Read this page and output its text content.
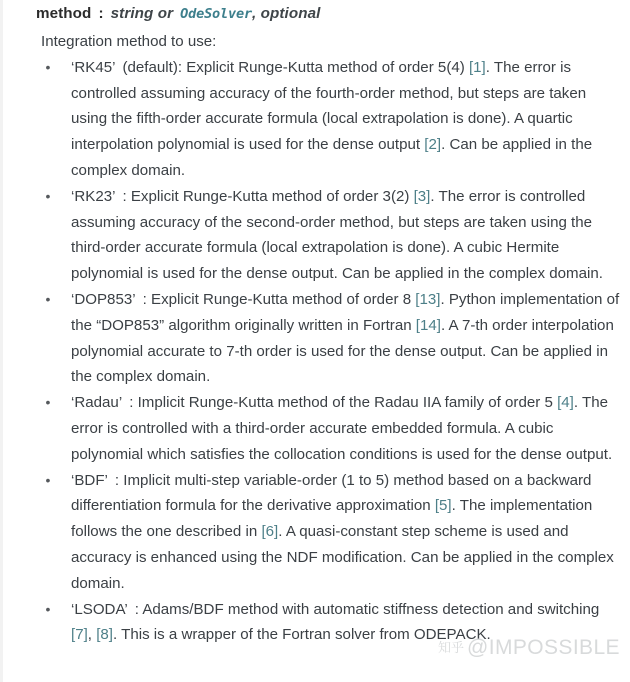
method : string or OdeSolver, optional

Integration method to use:

•	‘RK45’ (default): Explicit Runge-Kutta method of order 5(4) [1]. The error is controlled assuming accuracy of the fourth-order method, but steps are taken using the fifth-order accurate formula (local extrapolation is done). A quartic interpolation polynomial is used for the dense output [2]. Can be applied in the complex domain.
•	‘RK23’ : Explicit Runge-Kutta method of order 3(2) [3]. The error is controlled assuming accuracy of the second-order method, but steps are taken using the third-order accurate formula (local extrapolation is done). A cubic Hermite polynomial is used for the dense output. Can be applied in the complex domain.
•	‘DOP853’ : Explicit Runge-Kutta method of order 8 [13]. Python implementation of the “DOP853” algorithm originally written in Fortran [14]. A 7-th order interpolation polynomial accurate to 7-th order is used for the dense output. Can be applied in the complex domain.
•	‘Radau’ : Implicit Runge-Kutta method of the Radau IIA family of order 5 [4]. The error is controlled with a third-order accurate embedded formula. A cubic polynomial which satisfies the collocation conditions is used for the dense output.
•	‘BDF’ : Implicit multi-step variable-order (1 to 5) method based on a backward differentiation formula for the derivative approximation [5]. The implementation follows the one described in [6]. A quasi-constant step scheme is used and accuracy is enhanced using the NDF modification. Can be applied in the complex domain.
•	‘LSODA’ : Adams/BDF method with automatic stiffness detection and switching [7], [8]. This is a wrapper of the Fortran solver from ODEPACK.
知乎 @IMPOSSIBLE
